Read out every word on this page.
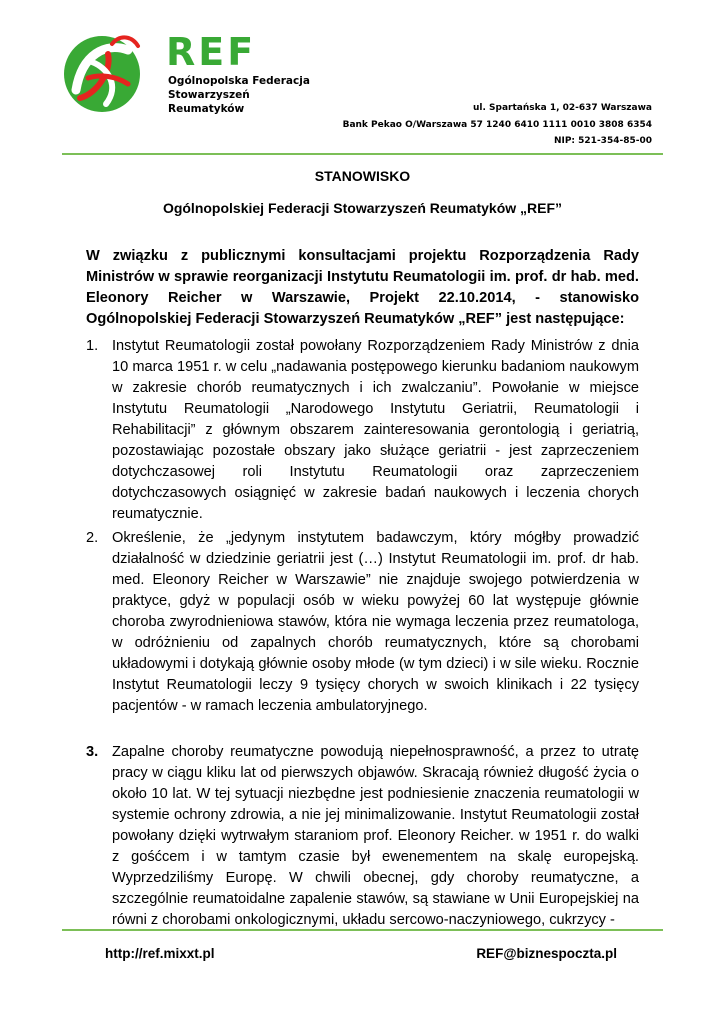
REF
Ogólnopolska Federacja
Stowarzyszeń
Reumatyków	ul. Spartańska 1, 02-637 Warszawa
Bank Pekao O/Warszawa 57 1240 6410 1111 0010 3808 6354
NIP: 521-354-85-00
STANOWISKO
Ogólnopolskiej Federacji Stowarzyszeń Reumatyków „REF”
W związku z publicznymi konsultacjami projektu Rozporządzenia Rady Ministrów w sprawie reorganizacji Instytutu Reumatologii im. prof. dr hab. med. Eleonory Reicher w Warszawie, Projekt 22.10.2014, - stanowisko Ogólnopolskiej Federacji Stowarzyszeń Reumatyków „REF” jest następujące:
1. Instytut Reumatologii został powołany Rozporządzeniem Rady Ministrów z dnia 10 marca 1951 r. w celu „nadawania postępowego kierunku badaniom naukowym w zakresie chorób reumatycznych i ich zwalczaniu”. Powołanie w miejsce Instytutu Reumatologii „Narodowego Instytutu Geriatrii, Reumatologii i Rehabilitacji” z głównym obszarem zainteresowania gerontologią i geriatrią, pozostawiając pozostałe obszary jako służące geriatrii - jest zaprzeczeniem dotychczasowej roli Instytutu Reumatologii oraz zaprzeczeniem dotychczasowych osiągnięć w zakresie badań naukowych i leczenia chorych reumatycznie.
2. Określenie, że „jedynym instytutem badawczym, który mógłby prowadzić działalność w dziedzinie geriatrii jest (…) Instytut Reumatologii im. prof. dr hab. med. Eleonory Reicher w Warszawie” nie znajduje swojego potwierdzenia w praktyce, gdyż w populacji osób w wieku powyżej 60 lat występuje głównie choroba zwyrodnieniowa stawów, która nie wymaga leczenia przez reumatologa, w odróżnieniu od zapalnych chorób reumatycznych, które są chorobami układowymi i dotykają głównie osoby młode (w tym dzieci) i w sile wieku. Rocznie Instytut Reumatologii leczy 9 tysięcy chorych w swoich klinikach i 22 tysięcy pacjentów - w ramach leczenia ambulatoryjnego.
3. Zapalne choroby reumatyczne powodują niepełnosprawność, a przez to utratę pracy w ciągu kliku lat od pierwszych objawów. Skracają również długość życia o około 10 lat. W tej sytuacji niezbędne jest podniesienie znaczenia reumatologii w systemie ochrony zdrowia, a nie jej minimalizowanie. Instytut Reumatologii został powołany dzięki wytrwałym staraniom prof. Eleonory Reicher. w 1951 r. do walki z gośćcem i w tamtym czasie był ewenementem na skalę europejską. Wyprzedziliśmy Europę. W chwili obecnej, gdy choroby reumatyczne, a szczególnie reumatoidalne zapalenie stawów, są stawiane w Unii Europejskiej na równi z chorobami onkologicznymi, układu sercowo-naczyniowego, cukrzycy -
http://ref.mixxt.pl	REF@biznespoczta.pl
